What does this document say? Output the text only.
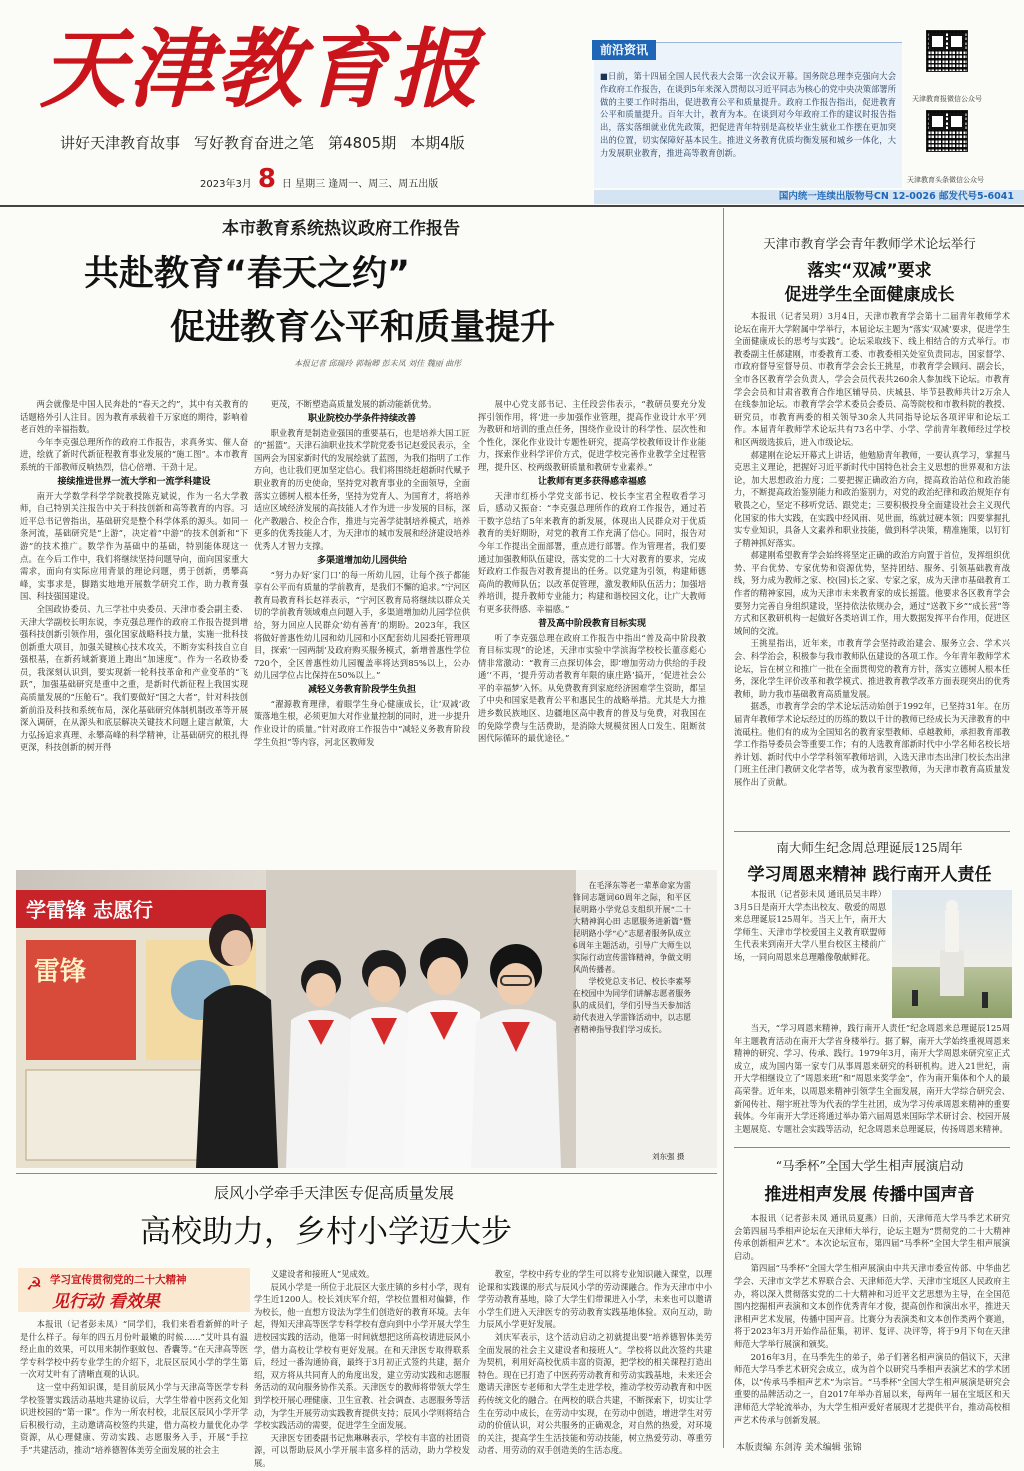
天津教育报
讲好天津教育故事 写好教育奋进之笔 第4805期 本期4版
2023年3月 8 日 星期三 逢周一、周三、周五出版
前沿资讯
■日前，第十四届全国人民代表大会第一次会议开幕。国务院总理李克强向大会作政府工作报告，在谈到5年来深入贯彻以习近平同志为核心的党中央决策部署所做的主要工作时指出，促进教育公平和质量提升。政府工作报告指出，促进教育公平和质量提升。百年大计，教育为本。在谈到对今年政府工作的建议时报告指出，落实落细就业优先政策，把促进青年特别是高校毕业生就业工作摆在更加突出的位置，切实保障好基本民生。推进义务教育优质均衡发展和城乡一体化，大力发展职业教育，推进高等教育创新。
天津教育报微信公众号
天津教育头条微信公众号
国内统一连续出版物号CN 12-0026 邮发代号5-6041
本市教育系统热议政府工作报告
共赴教育“春天之约”
促进教育公平和质量提升
本报记者 邱瑞玲 郭翰卿 彭未凤 刘佳 魏丽 曲彤

两会就像是中国人民奔赴的“春天之约”，其中有关教育的话题格外引人注目。因为教育承载着千万家庭的期待，影响着老百姓的幸福指数。

今年李克强总理所作的政府工作报告，求真务实、催人奋进，绘就了新时代新征程教育事业发展的“施工图”。本市教育系统的干部教师反响热烈，信心倍增、干劲十足。

接续推进世界一流大学和一流学科建设

南开大学数学科学学院教授陈克斌说，作为一名大学教师，自己特别关注报告中关于科技创新和高等教育的内容。习近平总书记曾指出，基础研究是整个科学体系的源头。如同一条河流，基础研究是“上游”，决定着“中游”的技术创新和“下游”的技术推广。数学作为基础中的基础，特别能体现这一点。在今后工作中，我们将继续坚持问题导向，面向国家重大需求，面向有实际应用背景的理论问题，勇于创新，勇攀高峰，实事求是，脚踏实地地开展数学研究工作，助力教育强国、科技强国建设。

全国政协委员、九三学社中央委员、天津市委会副主委、天津大学副校长明东说，李克强总理作的政府工作报告提到增强科技创新引领作用，强化国家战略科技力量，实施一批科技创新重大项目，加强关键核心技术攻关，不断夯实科技自立自强根基，在新药域新赛道上跑出“加速度”。作为一名政协委员，我深刻认识到，要实现新一轮科技革命和产业变革的“飞跃”，加强基础研究是重中之重，是新时代新征程上我国实现高质量发展的“压舱石”。我们要做好“国之大者”，针对科技创新前沿及科技和系统布局，深化基础研究体制机制改革等开展深入调研，在从源头和底层解决关键技术问题上建言献策，大力弘扬追求真理、永攀高峰的科学精神，让基础研究的根扎得更深，科技创新的树开得

更茂，不断塑造高质量发展的新动能新优势。

职业院校办学条件持续改善

职业教育是制造业强国的重要基石，也是培养大国工匠的“摇篮”。天津石油职业技术学院党委书记赵爱民表示，全国两会为国家新时代的发展绘就了蓝图，为我们指明了工作方向，也让我们更加坚定信心。我们将围绕赶超新时代赋予职业教育的历史使命，坚持党对教育事业的全面领导，全面落实立德树人根本任务，坚持为党育人、为国育才，将培养适应区域经济发展的高技能人才作为进一步发展的目标，深化产教融合、校企合作，推进与完善学徒制培养模式，培养更多的优秀技能人才，为天津市的城市发展和经济建设培养优秀人才智力支撑。

多渠道增加幼儿园供给

“努力办好‘家门口’的每一所幼儿园，让每个孩子都能享有公平而有质量的学前教育，是我们不懈的追求。”宁河区教育局教育科长赵祥表示，“宁河区教育局将继续以群众关切的学前教育领域难点问题入手，多渠道增加幼儿园学位供给，努力回应人民群众‘幼有善育’的期盼。2023年，我区将做好普惠性幼儿园和幼儿园和小区配套幼儿园委托管理项目，探索‘一园两制’及政府购买服务模式，新增普惠性学位720个，全区普惠性幼儿园覆盖率将达到85%以上，公办幼儿园学位占比保持在50%以上。”

减轻义务教育阶段学生负担

“濯源教育理律，着眼学生身心健康成长，让‘双减’政策落地生根，必须更加大对作业量控制的同时，进一步提升作业设计的质量。”针对政府工作报告中“减轻义务教育阶段学生负担”等内容，河北区教师发

展中心党支部书记、主任段尝伟表示，“教研员要充分发挥引领作用，将‘进一步加强作业管理，提高作业设计水平’列为教研和培训的重点任务，围绕作业设计的科学性、层次性和个性化，深化作业设计专题性研究，提高学校教师设计作业能力，探索作业科学评价方式，促进学校完善作业教学全过程管理，提升区、校两级教研质量和教研专业素养。”

让教师有更多获得感幸福感

天津市红桥小学党支部书记、校长李宝君全程收看学习后，感动又振奋：“李克强总理所作的政府工作报告，通过若干数字总结了5年来教育的新发展，体现出人民群众对于优质教育的美好期盼，对党的教育工作充满了信心。同时，报告对今年工作提出全面部署，重点进行部署。作为管理者，我们要通过加强教师队伍建设，落实党的二十大对教育的要求，完成好政府工作报告对教育提出的任务。以党建为引领，构建师德高尚的教师队伍；以改革促管理，激发教师队伍活力；加强培养培训，提升教师专业能力；构建和谐校园文化，让广大教师有更多获得感、幸福感。”

普及高中阶段教育目标实现

听了李克强总理在政府工作报告中指出“普及高中阶段教育目标实现”的论述，天津市实验中学滨海学校校长董彦彪心情非常激动：“教育三点探切体会，即‘增加劳动力供给的手段通’‘不再，‘提升劳动者教育年限的康庄路’搞开，‘促进社会公平的幸福梦’入怀。从免费教育到家庭经济困难学生资助，都呈了中央和国家是教育公平和惠民生的战略举措。尤其是大力推进乡数民族地区、边疆地区高中教育的普及与免费，对我国在的免除学费与生活费助，是消除大规模贫困人口发生、阻断贫困代际循环的最优途径。”

学雷锋 志愿行
雷锋

在毛泽东等老一辈革命家为雷锋同志题词60周年之际，和平区昆明路小学党总支组织开展“二十大精神润心田 志愿服务进新篇”暨昆明路小学“心”志愿者服务队成立6周年主题活动，引导广大师生以实际行动宣传雷锋精神，争做文明风尚传播者。

学校党总支书记、校长李素琴在校园中为同学们讲解志愿者服务队的成员们，学们引导当天参加活动代表进入学雷锋活动中，以志愿者精神指导我们学习成长。

刘东强 摄
辰风小学牵手天津医专促高质量发展
高校助力，乡村小学迈大步
☭ 学习宣传贯彻党的二十大精神
见行动 看效果

本报讯（记者彭未凤）“同学们，我们来看看新鲜的叶子是什么样子。每年的四五月份叶最嫩的时候……”艾叶具有温经止血的效果，可以用来制作驱蚊包、香囊等。”在天津高等医学专科学校中药专业学生的介绍下，北辰区辰风小学的学生第一次对艾叶有了清晰直观的认识。

这一堂中药知识课，是目前辰风小学与天津高等医学专科学校签署实践活动基地共建协议后，大学生带着中医药文化知识进校园的“第一课”。作为一所农村校，北辰区辰风小学开学后积极行动，主动邀请高校签约共建，借力高校力量优化办学资源，从心理健康、劳动实践、志愿服务入手，开展“手拉手”共建活动，推动“培养德智体美劳全面发展的社会主

义建设者和接班人”见成效。

辰风小学是一所位于北辰区大张庄镇的乡村小学，现有学生近1200人。校长刘庆军介绍，学校位置相对偏僻，作为校长，他一直想方设法为学生们创造好的教育环境。去年起，得知天津高等医学专科学校有意向到中小学开展大学生进校园实践的活动，他第一时间就想把这所高校请进辰风小学，借力高校让学校有更好发展。在和天津医专取得联系后，经过一番沟通协商，最终于3月初正式签约共建，据介绍，双方将从共同育人的角度出发，建立劳动实践和志愿服务活动的双向服务协作关系。天津医专的教师将带领大学生到学校开展心理健康、卫生宣教、社会调查、志愿服务等活动，为学生开展劳动实践教育提供支持；辰风小学则将结合学校实践活动的需要，促进学生全面发展。

天津医专团委副书记焦琳琳表示，学校有丰富的社团资源，可以帮助辰风小学开展丰富多样的活动，助力学校发展。

教室，学校中药专业的学生可以将专业知识融入课堂，以理论课和实践课的形式与辰风小学的劳动课融合。作为天津市中小学劳动教育基地，除了大学生们带课进入小学，未来也可以邀请小学生们进入天津医专的劳动教育实践基地体验。双向互动，助力辰风小学更好发展。

刘庆军表示，这个活动启动之初就提出要“培养德智体美劳全面发展的社会主义建设者和接班人”。学校将以此次签约共建为契机，利用好高校优质丰富的资源，把学校的相关课程打造出特色。现在已打造了中医药劳动教育和劳动实践基地，未来还会邀请天津医专老师和大学生走进学校，推动学校劳动教育和中医药传统文化的融合。在两校的联合共建，不断探索下，切实让学生在劳动中成长，在劳动中实现，在劳动中创造，增进学生对劳动的价值认识，对公共服务的正确观念，对自然的热爱，对环境的关注，提高学生生活技能和劳动技能，树立热爱劳动、尊重劳动者、用劳动的双手创造美的生活态度。

天津市教育学会青年教师学术论坛举行
落实“双减”要求
促进学生全面健康成长

本报讯（记者吴玥）3月4日，天津市教育学会第十二届青年教师学术论坛在南开大学附属中学举行，本届论坛主题为“落实‘双减’要求，促进学生全面健康成长的思考与实践”。论坛采取线下、线上相结合的方式举行。市教委副主任郝建刚，市委教育工委、市教委相关处室负责同志，国家督学、市政府督导室督导员、市教育学会会长王挑星，市教育学会顾问、副会长，全市各区教育学会负责人，学会会员代表共260余人参加线下论坛。市教育学会会员和甘肃省教育合作地区辅导员、庆城县、毕节县教师共计2万余人在线参加论坛。市教育学会学术委员会委员、高等院校和市教科院的教授、研究员，市教育两委的相关领导30余人共同指导论坛各项评审和论坛工作。本届青年教师学术论坛共有73名中学、小学、学前青年教师经过学校和区两级选拔后，进入市级论坛。

郝建刚在论坛开幕式上讲话，他勉励青年教师，一要认真学习，掌握马克思主义理论，把握好习近平新时代中国特色社会主义思想的世界观和方法论，加大思想政治力度；二要把握正确政治方向，提高政治站位和政治能力，不断提高政治鉴别能力和政治鉴别力，对党的政治纪律和政治规矩存有敬畏之心，坚定不移听党话、跟党走；三要积极投身全面建设社会主义现代化国家的伟大实践，在实践中经风雨、见世面，练就过硬本领；四要掌握扎实专业知识，具备人文素养和职业技能，做到科学决策，精准施策，以钉钉子精神抓好落实。

郝建刚希望教育学会始终将坚定正确的政治方向置于首位，发挥组织优势、平台优势、专家优势和资源优势，坚持团结、服务、引领基础教育战线，努力成为教师之家、校(园)长之家、专家之家，成为天津市基础教育工作者的精神家园，成为天津市未来教育家的成长摇篮。他要求各区教育学会要努力完善自身组织建设，坚持依法依规办会，通过“送教下乡”“成长营”等方式和区教研机构一起做好各类培训工作，用大数据发挥平台作用，促进区域间的交流。

王挑星指出，近年来，市教育学会坚持政治建会、服务立会、学术兴会、科学治会，积极参与我市教师队伍建设的各项工作。今年青年教师学术论坛，旨在树立和推广一批在全面贯彻党的教育方针，落实立德树人根本任务，深化学生评价改革和教学模式、推进教育教学改革方面表现突出的优秀教师，助力我市基础教育高质量发展。

据悉，市教育学会的学术论坛活动始创于1992年，已坚持31年。在历届青年教师学术论坛经过的历练的数以千计的教师已经成长为天津教育的中流砥柱。他们有的成为全国知名的教育家型教师、卓越教师，承担教育部教学工作指导委员会等重要工作；有的人选教育部新时代中小学名师名校长培养计划、新时代中小学学科领军教师培训，入选天津市杰出津门校长杰出津门班主任津门教研文化学者等，成为教育家型教师，为天津市教育高质量发展作出了贡献。

南大师生纪念周总理诞辰125周年
学习周恩来精神 践行南开人责任

本报讯（记者彭未凤 通讯员吴丰晔）3月5日是南开大学杰出校友、敬爱的周恩来总理诞辰125周年。当天上午，南开大学师生、天津市学校爱国主义教育联盟师生代表来到南开大学八里台校区主楼前广场，一同向周恩来总理雕像敬献鲜花。

当天，“学习周恩来精神，践行南开人责任”纪念周恩来总理诞辰125周年主题教育活动在南开大学省身楼举行。据了解，南开大学始终重视周恩来精神的研究、学习、传承、践行。1979年3月，南开大学周恩来研究室正式成立，成为国内第一家专门从事周恩来研究的科研机构。进入21世纪，南开大学相继设立了“周恩来班”和“周恩来奖学金”，作为南开集体和个人的最高荣誉。近年来，以周恩来精神引领学生全面发展，南开大学综合研究会、新闻传社、翔宇班社等为代表的学生社团，成为学习传承周恩来精神的重要载体。今年南开大学还将通过举办第六届周恩来国际学术研讨会、校园开展主题展览、专题社会实践等活动，纪念周恩来总理诞辰，传扬周恩来精神。

“马季杯”全国大学生相声展演启动
推进相声发展 传播中国声音

本报讯（记者彭未凤 通讯员夏燕）日前，天津师范大学马季艺术研究会第四届马季相声论坛在天津师大举行，论坛主题为“贯彻党的二十大精神 传承创新相声艺术”。本次论坛宣布，第四届“马季杯”全国大学生相声展演启动。

第四届“马季杯”全国大学生相声展演由中共天津市委宣传部、中华曲艺学会、天津市文学艺术界联合会、天津师范大学、天津市宝坻区人民政府主办，将以深入贯彻落实党的二十大精神和习近平文艺思想为主导，在全国范围内挖掘相声表演和文本创作优秀青年才俊，提高创作和演出水平，推进天津相声艺术发展，传播中国声音。比赛分为表演类和文本创作类两个赛道，将于2023年3月开始作品征集，初评、复评、决评等，将于9月下旬在天津师范大学举行展演和颁奖。

2016年3月，在马季先生的弟子，弟子们著名相声演员的倡议下，天津师范大学马季艺术研究会成立，成为首个以研究马季相声表演艺术的学术团体，以“传承马季相声艺术”为宗旨。“马季杯”全国大学生相声展演是研究会重要的品牌活动之一，自2017年举办首届以来，每两年一届在宝坻区和天津师范大学轮流举办，为大学生相声爱好者展现才艺提供平台，推动高校相声艺术传承与创新发展。

本版责编 东剑涛 美术编辑 张锦
